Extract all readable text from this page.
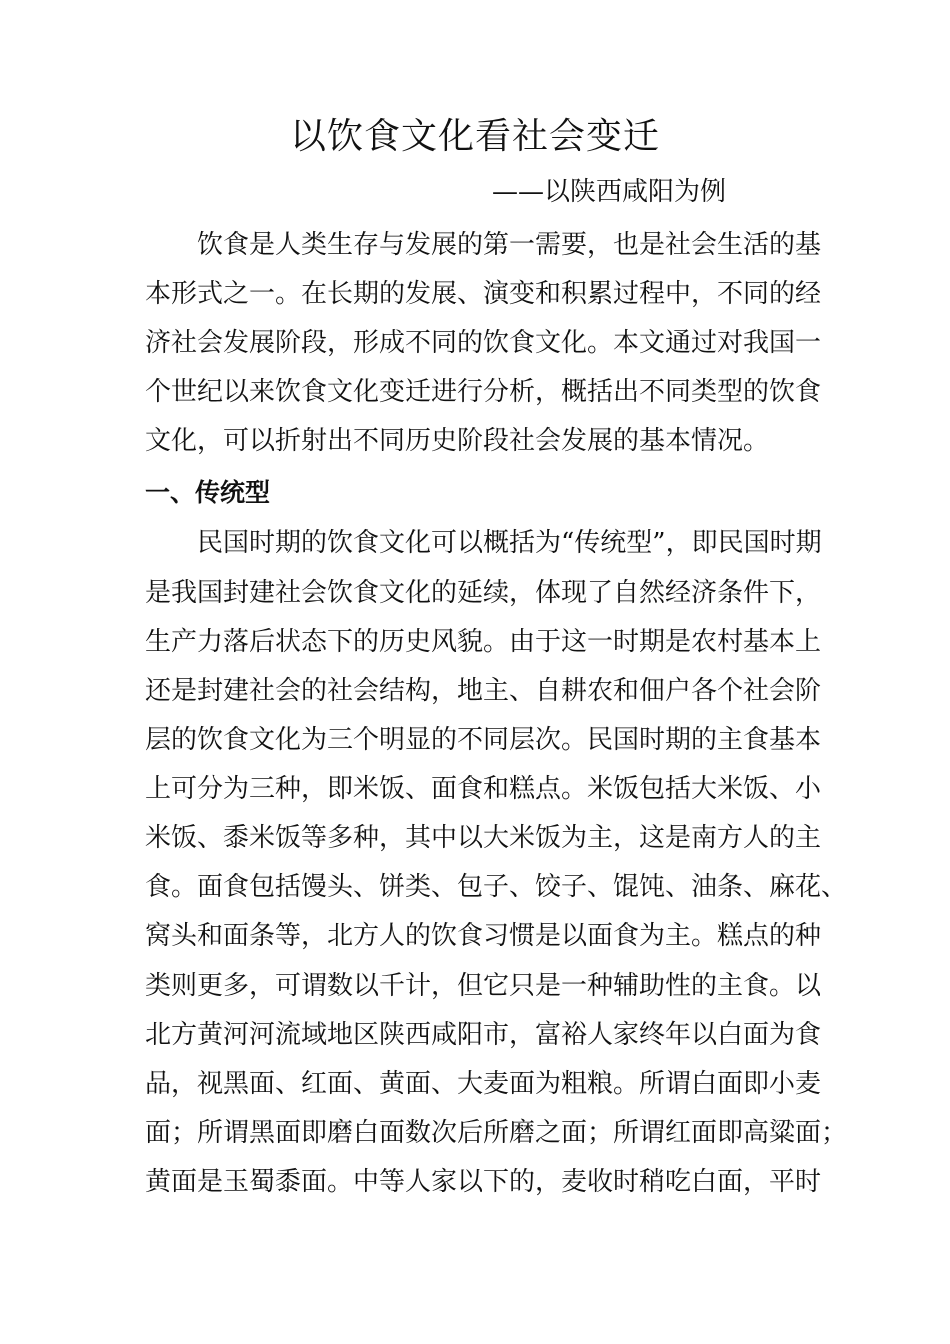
以饮食文化看社会变迁
——以陕西咸阳为例
饮食是人类生存与发展的第一需要，也是社会生活的基
本形式之一。在长期的发展、演变和积累过程中，不同的经
济社会发展阶段，形成不同的饮食文化。本文通过对我国一
个世纪以来饮食文化变迁进行分析，概括出不同类型的饮食
文化，可以折射出不同历史阶段社会发展的基本情况。
一、传统型
民国时期的饮食文化可以概括为“传统型”，即民国时期
是我国封建社会饮食文化的延续，体现了自然经济条件下，
生产力落后状态下的历史风貌。由于这一时期是农村基本上
还是封建社会的社会结构，地主、自耕农和佃户各个社会阶
层的饮食文化为三个明显的不同层次。民国时期的主食基本
上可分为三种，即米饭、面食和糕点。米饭包括大米饭、小
米饭、黍米饭等多种，其中以大米饭为主，这是南方人的主
食。面食包括馒头、饼类、包子、饺子、馄饨、油条、麻花、
窝头和面条等，北方人的饮食习惯是以面食为主。糕点的种
类则更多，可谓数以千计，但它只是一种辅助性的主食。以
北方黄河河流域地区陕西咸阳市，富裕人家终年以白面为食
品，视黑面、红面、黄面、大麦面为粗粮。所谓白面即小麦
面；所谓黑面即磨白面数次后所磨之面；所谓红面即高粱面；
黄面是玉蜀黍面。中等人家以下的，麦收时稍吃白面，平时
